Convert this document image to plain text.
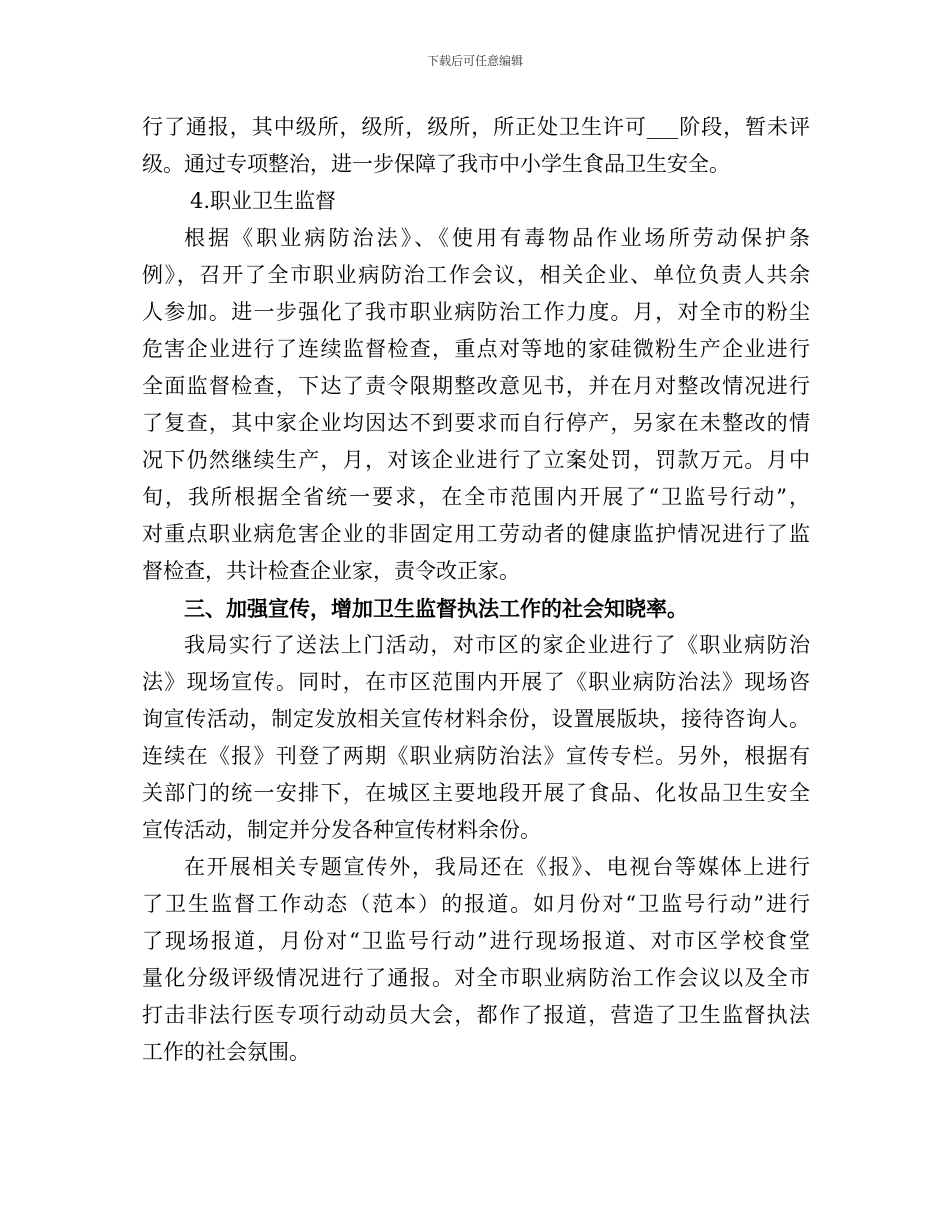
下载后可任意编辑
行了通报，其中级所，级所，级所，所正处卫生许可___阶段，暂未评
级。通过专项整治，进一步保障了我市中小学生食品卫生安全。
4.职业卫生监督
根据《职业病防治法》、《使用有毒物品作业场所劳动保护条
例》，召开了全市职业病防治工作会议，相关企业、单位负责人共余
人参加。进一步强化了我市职业病防治工作力度。月，对全市的粉尘
危害企业进行了连续监督检查，重点对等地的家硅微粉生产企业进行
全面监督检查，下达了责令限期整改意见书，并在月对整改情况进行
了复查，其中家企业均因达不到要求而自行停产，另家在未整改的情
况下仍然继续生产，月，对该企业进行了立案处罚，罚款万元。月中
旬，我所根据全省统一要求，在全市范围内开展了“卫监号行动”，
对重点职业病危害企业的非固定用工劳动者的健康监护情况进行了监
督检查，共计检查企业家，责令改正家。
三、加强宣传，增加卫生监督执法工作的社会知晓率。
我局实行了送法上门活动，对市区的家企业进行了《职业病防治
法》现场宣传。同时，在市区范围内开展了《职业病防治法》现场咨
询宣传活动，制定发放相关宣传材料余份，设置展版块，接待咨询人。
连续在《报》刊登了两期《职业病防治法》宣传专栏。另外，根据有
关部门的统一安排下，在城区主要地段开展了食品、化妆品卫生安全
宣传活动，制定并分发各种宣传材料余份。
在开展相关专题宣传外，我局还在《报》、电视台等媒体上进行
了卫生监督工作动态（范本）的报道。如月份对“卫监号行动”进行
了现场报道，月份对“卫监号行动”进行现场报道、对市区学校食堂
量化分级评级情况进行了通报。对全市职业病防治工作会议以及全市
打击非法行医专项行动动员大会，都作了报道，营造了卫生监督执法
工作的社会氛围。
